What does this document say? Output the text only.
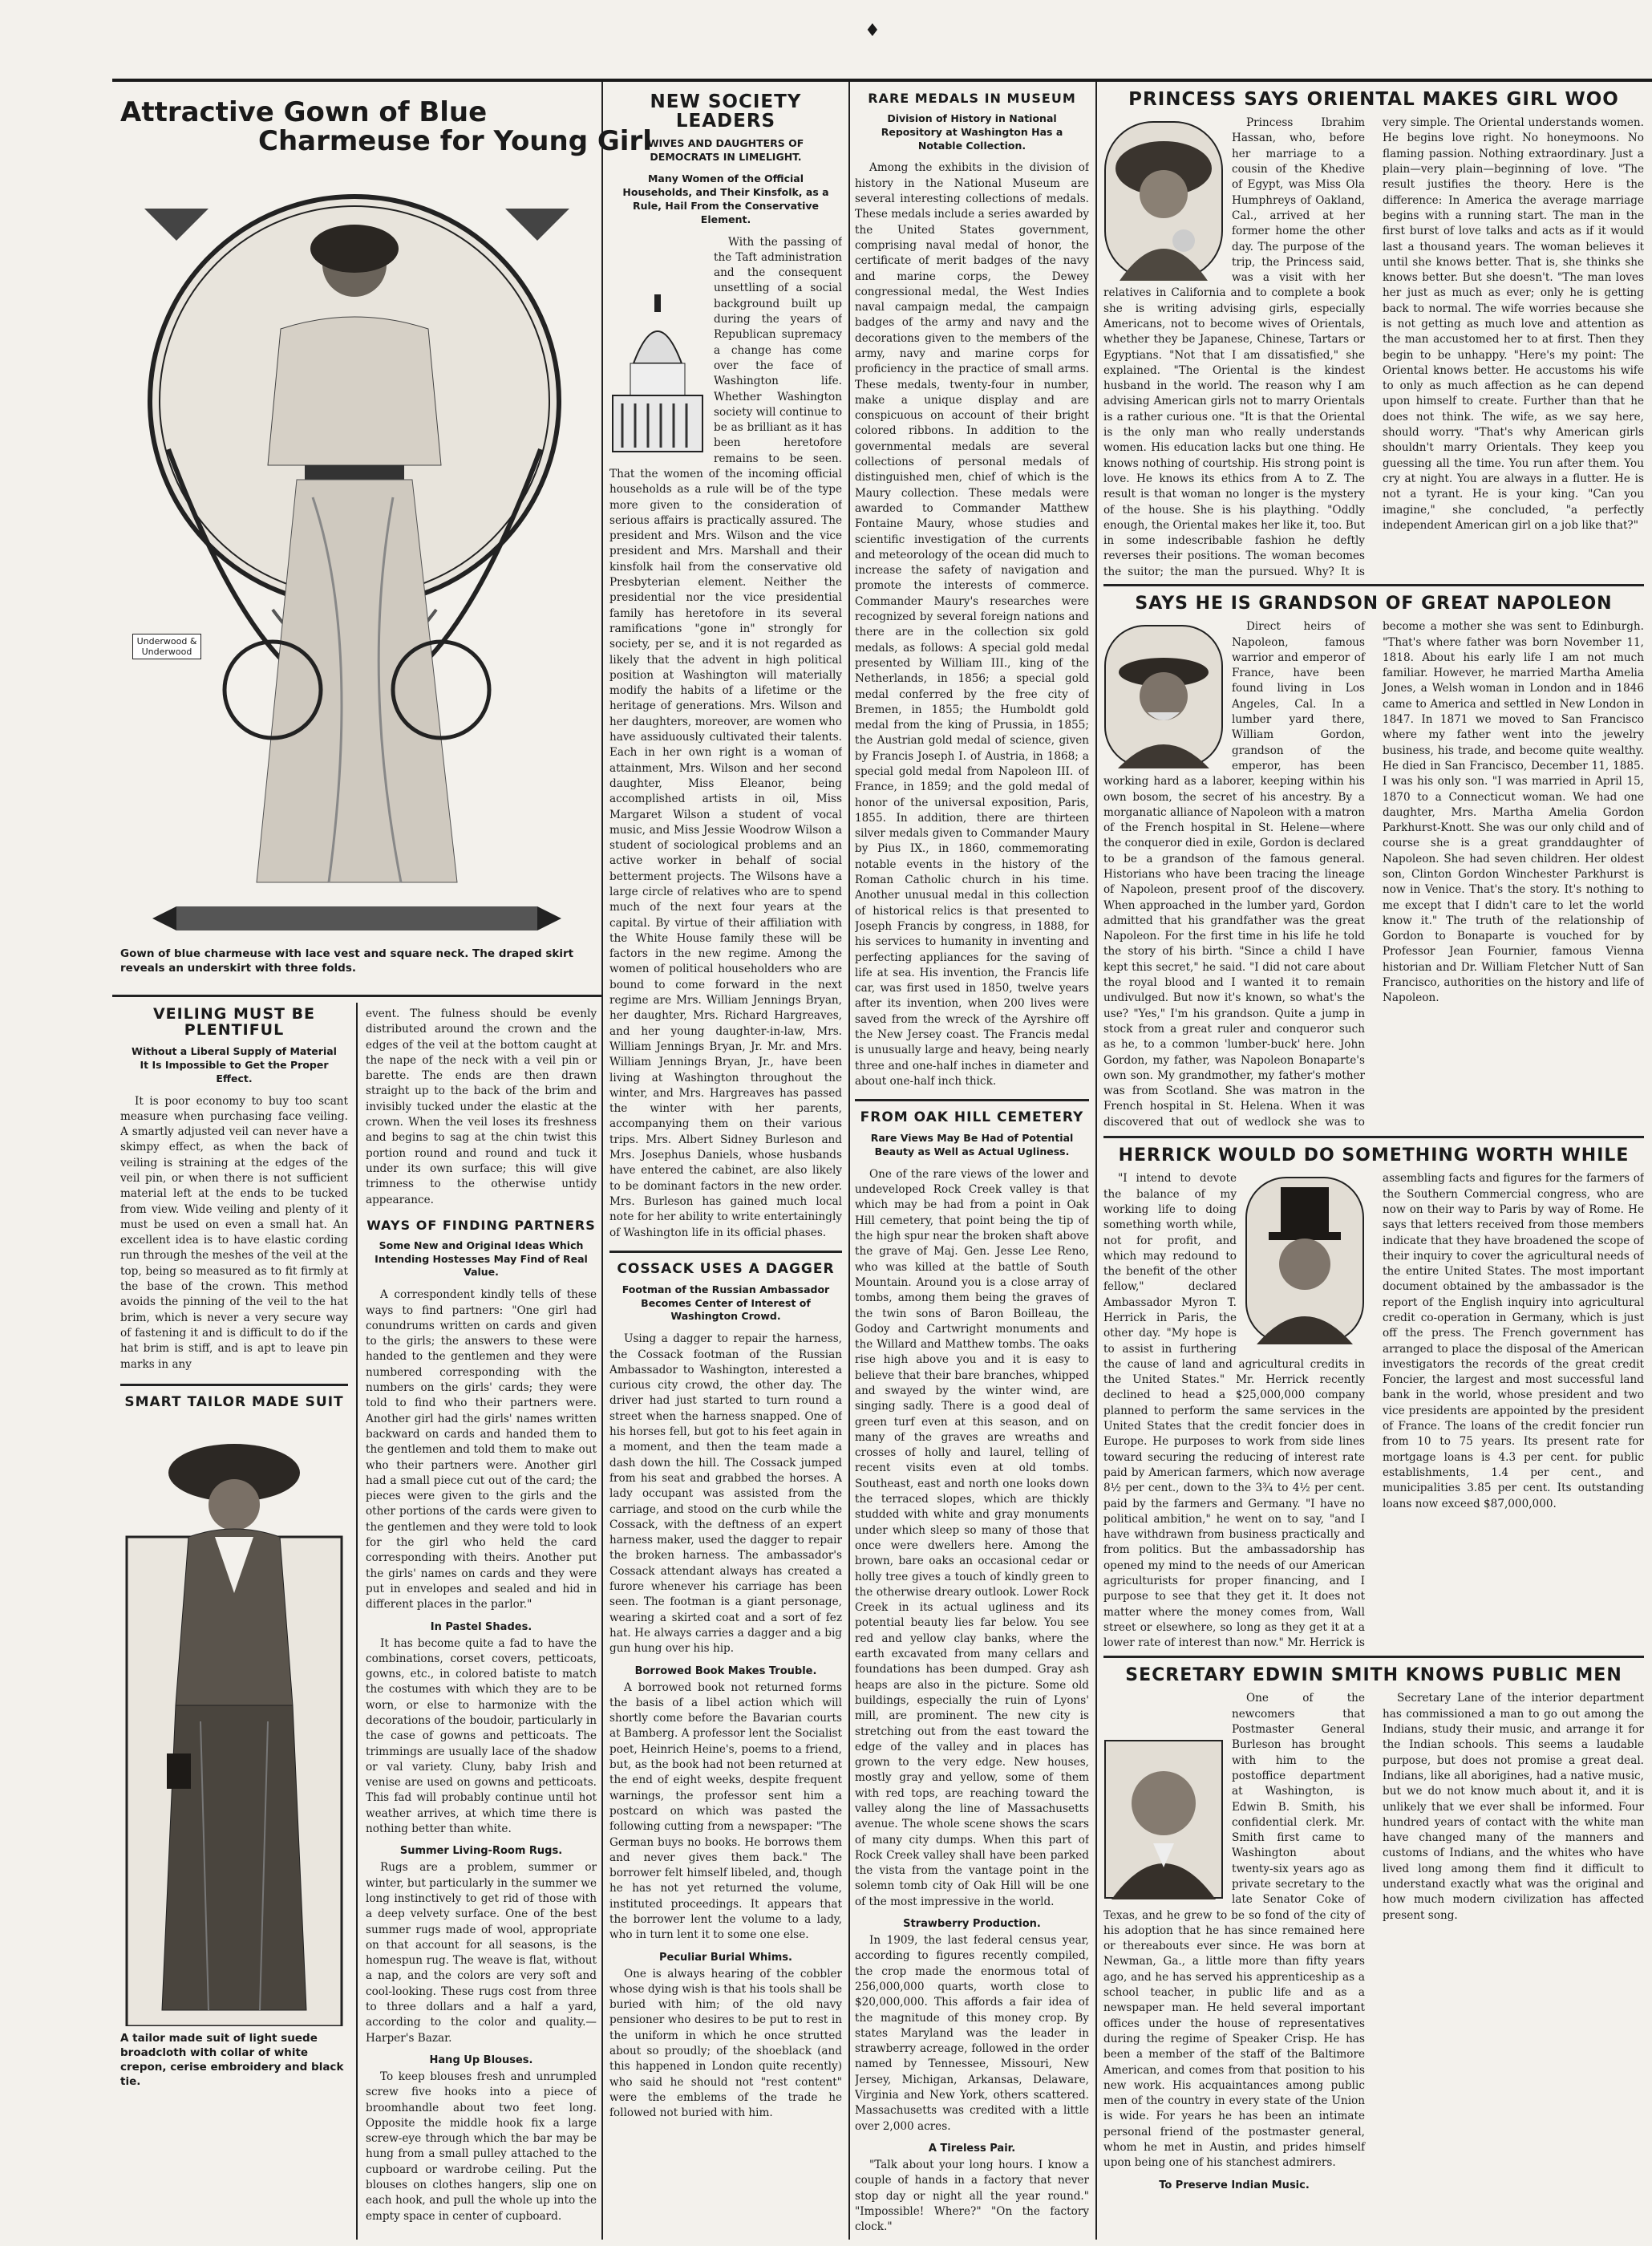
♦
Attractive Gown of Blue
Charmeuse for Young Girl
Underwood & Underwood
Gown of blue charmeuse with lace vest and square neck. The draped skirt reveals an underskirt with three folds.
VEILING MUST BE PLENTIFUL
Without a Liberal Supply of Material It Is Impossible to Get the Proper Effect.

It is poor economy to buy too scant measure when purchasing face veiling. A smartly adjusted veil can never have a skimpy effect, as when the back of veiling is straining at the edges of the veil pin, or when there is not sufficient material left at the ends to be tucked from view. Wide veiling and plenty of it must be used on even a small hat. An excellent idea is to have elastic cording run through the meshes of the veil at the top, being so measured as to fit firmly at the base of the crown. This method avoids the pinning of the veil to the hat brim, which is never a very secure way of fastening it and is difficult to do if the hat brim is stiff, and is apt to leave pin marks in any

SMART TAILOR MADE SUIT
A tailor made suit of light suede broadcloth with collar of white crepon, cerise embroidery and black tie.

event. The fulness should be evenly distributed around the crown and the edges of the veil at the bottom caught at the nape of the neck with a veil pin or barette. The ends are then drawn straight up to the back of the brim and invisibly tucked under the elastic at the crown. When the veil loses its freshness and begins to sag at the chin twist this portion round and round and tuck it under its own surface; this will give trimness to the otherwise untidy appearance.

WAYS OF FINDING PARTNERS
Some New and Original Ideas Which Intending Hostesses May Find of Real Value.

A correspondent kindly tells of these ways to find partners: "One girl had conundrums written on cards and given to the girls; the answers to these were handed to the gentlemen and they were numbered corresponding with the numbers on the girls' cards; they were told to find who their partners were. Another girl had the girls' names written backward on cards and handed them to the gentlemen and told them to make out who their partners were. Another girl had a small piece cut out of the card; the pieces were given to the girls and the other portions of the cards were given to the gentlemen and they were told to look for the girl who held the card corresponding with theirs. Another put the girls' names on cards and they were put in envelopes and sealed and hid in different places in the parlor."

In Pastel Shades.

It has become quite a fad to have the combinations, corset covers, petticoats, gowns, etc., in colored batiste to match the costumes with which they are to be worn, or else to harmonize with the decorations of the boudoir, particularly in the case of gowns and petticoats. The trimmings are usually lace of the shadow or val variety. Cluny, baby Irish and venise are used on gowns and petticoats. This fad will probably continue until hot weather arrives, at which time there is nothing better than white.

Summer Living-Room Rugs.

Rugs are a problem, summer or winter, but particularly in the summer we long instinctively to get rid of those with a deep velvety surface. One of the best summer rugs made of wool, appropriate on that account for all seasons, is the homespun rug. The weave is flat, without a nap, and the colors are very soft and cool-looking. These rugs cost from three to three dollars and a half a yard, according to the color and quality.—Harper's Bazar.

Hang Up Blouses.

To keep blouses fresh and unrumpled screw five hooks into a piece of broomhandle about two feet long. Opposite the middle hook fix a large screw-eye through which the bar may be hung from a small pulley attached to the cupboard or wardrobe ceiling. Put the blouses on clothes hangers, slip one on each hook, and pull the whole up into the empty space in center of cupboard.

NEW SOCIETY LEADERS
WIVES AND DAUGHTERS OF DEMOCRATS IN LIMELIGHT.
Many Women of the Official Households, and Their Kinsfolk, as a Rule, Hail From the Conservative Element.

With the passing of the Taft administration and the consequent unsettling of a social background built up during the years of Republican supremacy a change has come over the face of Washington life. Whether Washington society will continue to be as brilliant as it has been heretofore remains to be seen. That the women of the incoming official households as a rule will be of the type more given to the consideration of serious affairs is practically assured. The president and Mrs. Wilson and the vice president and Mrs. Marshall and their kinsfolk hail from the conservative old Presbyterian element. Neither the presidential nor the vice presidential family has heretofore in its several ramifications "gone in" strongly for society, per se, and it is not regarded as likely that the advent in high political position at Washington will materially modify the habits of a lifetime or the heritage of generations. Mrs. Wilson and her daughters, moreover, are women who have assiduously cultivated their talents. Each in her own right is a woman of attainment, Mrs. Wilson and her second daughter, Miss Eleanor, being accomplished artists in oil, Miss Margaret Wilson a student of vocal music, and Miss Jessie Woodrow Wilson a student of sociological problems and an active worker in behalf of social betterment projects. The Wilsons have a large circle of relatives who are to spend much of the next four years at the capital. By virtue of their affiliation with the White House family these will be factors in the new regime. Among the women of political householders who are bound to come forward in the next regime are Mrs. William Jennings Bryan, her daughter, Mrs. Richard Hargreaves, and her young daughter-in-law, Mrs. William Jennings Bryan, Jr. Mr. and Mrs. William Jennings Bryan, Jr., have been living at Washington throughout the winter, and Mrs. Hargreaves has passed the winter with her parents, accompanying them on their various trips. Mrs. Albert Sidney Burleson and Mrs. Josephus Daniels, whose husbands have entered the cabinet, are also likely to be dominant factors in the new order. Mrs. Burleson has gained much local note for her ability to write entertainingly of Washington life in its official phases.

COSSACK USES A DAGGER
Footman of the Russian Ambassador Becomes Center of Interest of Washington Crowd.

Using a dagger to repair the harness, the Cossack footman of the Russian Ambassador to Washington, interested a curious city crowd, the other day. The driver had just started to turn round a street when the harness snapped. One of his horses fell, but got to his feet again in a moment, and then the team made a dash down the hill. The Cossack jumped from his seat and grabbed the horses. A lady occupant was assisted from the carriage, and stood on the curb while the Cossack, with the deftness of an expert harness maker, used the dagger to repair the broken harness. The ambassador's Cossack attendant always has created a furore whenever his carriage has been seen. The footman is a giant personage, wearing a skirted coat and a sort of fez hat. He always carries a dagger and a big gun hung over his hip.

Borrowed Book Makes Trouble.

A borrowed book not returned forms the basis of a libel action which will shortly come before the Bavarian courts at Bamberg. A professor lent the Socialist poet, Heinrich Heine's, poems to a friend, but, as the book had not been returned at the end of eight weeks, despite frequent warnings, the professor sent him a postcard on which was pasted the following cutting from a newspaper: "The German buys no books. He borrows them and never gives them back." The borrower felt himself libeled, and, though he has not yet returned the volume, instituted proceedings. It appears that the borrower lent the volume to a lady, who in turn lent it to some one else.

Peculiar Burial Whims.

One is always hearing of the cobbler whose dying wish is that his tools shall be buried with him; of the old navy pensioner who desires to be put to rest in the uniform in which he once strutted about so proudly; of the shoeblack (and this happened in London quite recently) who said he should not "rest content" were the emblems of the trade he followed not buried with him.

RARE MEDALS IN MUSEUM
Division of History in National Repository at Washington Has a Notable Collection.

Among the exhibits in the division of history in the National Museum are several interesting collections of medals. These medals include a series awarded by the United States government, comprising naval medal of honor, the certificate of merit badges of the navy and marine corps, the Dewey congressional medal, the West Indies naval campaign medal, the campaign badges of the army and navy and the decorations given to the members of the army, navy and marine corps for proficiency in the practice of small arms. These medals, twenty-four in number, make a unique display and are conspicuous on account of their bright colored ribbons. In addition to the governmental medals are several collections of personal medals of distinguished men, chief of which is the Maury collection. These medals were awarded to Commander Matthew Fontaine Maury, whose studies and scientific investigation of the currents and meteorology of the ocean did much to increase the safety of navigation and promote the interests of commerce. Commander Maury's researches were recognized by several foreign nations and there are in the collection six gold medals, as follows: A special gold medal presented by William III., king of the Netherlands, in 1856; a special gold medal conferred by the free city of Bremen, in 1855; the Humboldt gold medal from the king of Prussia, in 1855; the Austrian gold medal of science, given by Francis Joseph I. of Austria, in 1868; a special gold medal from Napoleon III. of France, in 1859; and the gold medal of honor of the universal exposition, Paris, 1855. In addition, there are thirteen silver medals given to Commander Maury by Pius IX., in 1860, commemorating notable events in the history of the Roman Catholic church in his time. Another unusual medal in this collection of historical relics is that presented to Joseph Francis by congress, in 1888, for his services to humanity in inventing and perfecting appliances for the saving of life at sea. His invention, the Francis life car, was first used in 1850, twelve years after its invention, when 200 lives were saved from the wreck of the Ayrshire off the New Jersey coast. The Francis medal is unusually large and heavy, being nearly three and one-half inches in diameter and about one-half inch thick.

FROM OAK HILL CEMETERY
Rare Views May Be Had of Potential Beauty as Well as Actual Ugliness.

One of the rare views of the lower and undeveloped Rock Creek valley is that which may be had from a point in Oak Hill cemetery, that point being the tip of the high spur near the broken shaft above the grave of Maj. Gen. Jesse Lee Reno, who was killed at the battle of South Mountain. Around you is a close array of tombs, among them being the graves of the twin sons of Baron Boilleau, the Godoy and Cartwright monuments and the Willard and Matthew tombs. The oaks rise high above you and it is easy to believe that their bare branches, whipped and swayed by the winter wind, are singing sadly. There is a good deal of green turf even at this season, and on many of the graves are wreaths and crosses of holly and laurel, telling of recent visits even at old tombs. Southeast, east and north one looks down the terraced slopes, which are thickly studded with white and gray monuments under which sleep so many of those that once were dwellers here. Among the brown, bare oaks an occasional cedar or holly tree gives a touch of kindly green to the otherwise dreary outlook. Lower Rock Creek in its actual ugliness and its potential beauty lies far below. You see red and yellow clay banks, where the earth excavated from many cellars and foundations has been dumped. Gray ash heaps are also in the picture. Some old buildings, especially the ruin of Lyons' mill, are prominent. The new city is stretching out from the east toward the edge of the valley and in places has grown to the very edge. New houses, mostly gray and yellow, some of them with red tops, are reaching toward the valley along the line of Massachusetts avenue. The whole scene shows the scars of many city dumps. When this part of Rock Creek valley shall have been parked the vista from the vantage point in the solemn tomb city of Oak Hill will be one of the most impressive in the world.

Strawberry Production.

In 1909, the last federal census year, according to figures recently compiled, the crop made the enormous total of 256,000,000 quarts, worth close to $20,000,000. This affords a fair idea of the magnitude of this money crop. By states Maryland was the leader in strawberry acreage, followed in the order named by Tennessee, Missouri, New Jersey, Michigan, Arkansas, Delaware, Virginia and New York, others scattered. Massachusetts was credited with a little over 2,000 acres.

A Tireless Pair.

"Talk about your long hours. I know a couple of hands in a factory that never stop day or night all the year round." "Impossible! Where?" "On the factory clock."

PRINCESS SAYS ORIENTAL MAKES GIRL WOO

Princess Ibrahim Hassan, who, before her marriage to a cousin of the Khedive of Egypt, was Miss Ola Humphreys of Oakland, Cal., arrived at her former home the other day. The purpose of the trip, the Princess said, was a visit with her relatives in California and to complete a book she is writing advising girls, especially Americans, not to become wives of Orientals, whether they be Japanese, Chinese, Tartars or Egyptians. "Not that I am dissatisfied," she explained. "The Oriental is the kindest husband in the world. The reason why I am advising American girls not to marry Orientals is a rather curious one. "It is that the Oriental is the only man who really understands women. His education lacks but one thing. He knows nothing of courtship. His strong point is love. He knows its ethics from A to Z. The result is that woman no longer is the mystery of the house. She is his plaything. "Oddly enough, the Oriental makes her like it, too. But in some indescribable fashion he deftly reverses their positions. The woman becomes the suitor; the man the pursued. Why? It is very simple. The Oriental understands women. He begins love right. No honeymoons. No flaming passion. Nothing extraordinary. Just a plain—very plain—beginning of love. "The result justifies the theory. Here is the difference: In America the average marriage begins with a running start. The man in the first burst of love talks and acts as if it would last a thousand years. The woman believes it until she knows better. That is, she thinks she knows better. But she doesn't. "The man loves her just as much as ever; only he is getting back to normal. The wife worries because she is not getting as much love and attention as the man accustomed her to at first. Then they begin to be unhappy. "Here's my point: The Oriental knows better. He accustoms his wife to only as much affection as he can depend upon himself to create. Further than that he does not think. The wife, as we say here, should worry. "That's why American girls shouldn't marry Orientals. They keep you guessing all the time. You run after them. You cry at night. You are always in a flutter. He is not a tyrant. He is your king. "Can you imagine," she concluded, "a perfectly independent American girl on a job like that?"

SAYS HE IS GRANDSON OF GREAT NAPOLEON

Direct heirs of Napoleon, famous warrior and emperor of France, have been found living in Los Angeles, Cal. In a lumber yard there, William Gordon, grandson of the emperor, has been working hard as a laborer, keeping within his own bosom, the secret of his ancestry. By a morganatic alliance of Napoleon with a matron of the French hospital in St. Helene—where the conqueror died in exile, Gordon is declared to be a grandson of the famous general. Historians who have been tracing the lineage of Napoleon, present proof of the discovery. When approached in the lumber yard, Gordon admitted that his grandfather was the great Napoleon. For the first time in his life he told the story of his birth. "Since a child I have kept this secret," he said. "I did not care about the royal blood and I wanted it to remain undivulged. But now it's known, so what's the use? "Yes," I'm his grandson. Quite a jump in stock from a great ruler and conqueror such as he, to a common 'lumber-buck' here. John Gordon, my father, was Napoleon Bonaparte's own son. My grandmother, my father's mother was from Scotland. She was matron in the French hospital in St. Helena. When it was discovered that out of wedlock she was to become a mother she was sent to Edinburgh. "That's where father was born November 11, 1818. About his early life I am not much familiar. However, he married Martha Amelia Jones, a Welsh woman in London and in 1846 came to America and settled in New London in 1847. In 1871 we moved to San Francisco where my father went into the jewelry business, his trade, and become quite wealthy. He died in San Francisco, December 11, 1885. I was his only son. "I was married in April 15, 1870 to a Connecticut woman. We had one daughter, Mrs. Martha Amelia Gordon Parkhurst-Knott. She was our only child and of course she is a great granddaughter of Napoleon. She had seven children. Her oldest son, Clinton Gordon Winchester Parkhurst is now in Venice. That's the story. It's nothing to me except that I didn't care to let the world know it." The truth of the relationship of Gordon to Bonaparte is vouched for by Professor Jean Fournier, famous Vienna historian and Dr. William Fletcher Nutt of San Francisco, authorities on the history and life of Napoleon.

HERRICK WOULD DO SOMETHING WORTH WHILE

"I intend to devote the balance of my working life to doing something worth while, not for profit, and which may redound to the benefit of the other fellow," declared Ambassador Myron T. Herrick in Paris, the other day. "My hope is to assist in furthering the cause of land and agricultural credits in the United States." Mr. Herrick recently declined to head a $25,000,000 company planned to perform the same services in the United States that the credit foncier does in Europe. He purposes to work from side lines toward securing the reducing of interest rate paid by American farmers, which now average 8½ per cent., down to the 3¾ to 4½ per cent. paid by the farmers and Germany. "I have no political ambition," he went on to say, "and I have withdrawn from business practically and from politics. But the ambassadorship has opened my mind to the needs of our American agriculturists for proper financing, and I purpose to see that they get it. It does not matter where the money comes from, Wall street or elsewhere, so long as they get it at a lower rate of interest than now." Mr. Herrick is assembling facts and figures for the farmers of the Southern Commercial congress, who are now on their way to Paris by way of Rome. He says that letters received from those members indicate that they have broadened the scope of their inquiry to cover the agricultural needs of the entire United States. The most important document obtained by the ambassador is the report of the English inquiry into agricultural credit co-operation in Germany, which is just off the press. The French government has arranged to place the disposal of the American investigators the records of the great credit Foncier, the largest and most successful land bank in the world, whose president and two vice presidents are appointed by the president of France. The loans of the credit foncier run from 10 to 75 years. Its present rate for mortgage loans is 4.3 per cent. for public establishments, 1.4 per cent., and municipalities 3.85 per cent. Its outstanding loans now exceed $87,000,000.

SECRETARY EDWIN SMITH KNOWS PUBLIC MEN

One of the newcomers that Postmaster General Burleson has brought with him to the postoffice department at Washington, is Edwin B. Smith, his confidential clerk. Mr. Smith first came to Washington about twenty-six years ago as private secretary to the late Senator Coke of Texas, and he grew to be so fond of the city of his adoption that he has since remained here or thereabouts ever since. He was born at Newman, Ga., a little more than fifty years ago, and he has served his apprenticeship as a school teacher, in public life and as a newspaper man. He held several important offices under the house of representatives during the regime of Speaker Crisp. He has been a member of the staff of the Baltimore American, and comes from that position to his new work. His acquaintances among public men of the country in every state of the Union is wide. For years he has been an intimate personal friend of the postmaster general, whom he met in Austin, and prides himself upon being one of his stanchest admirers.

To Preserve Indian Music.

Secretary Lane of the interior department has commissioned a man to go out among the Indians, study their music, and arrange it for the Indian schools. This seems a laudable purpose, but does not promise a great deal. Indians, like all aborigines, had a native music, but we do not know much about it, and it is unlikely that we ever shall be informed. Four hundred years of contact with the white man have changed many of the manners and customs of Indians, and the whites who have lived long among them find it difficult to understand exactly what was the original and how much modern civilization has affected present song.
